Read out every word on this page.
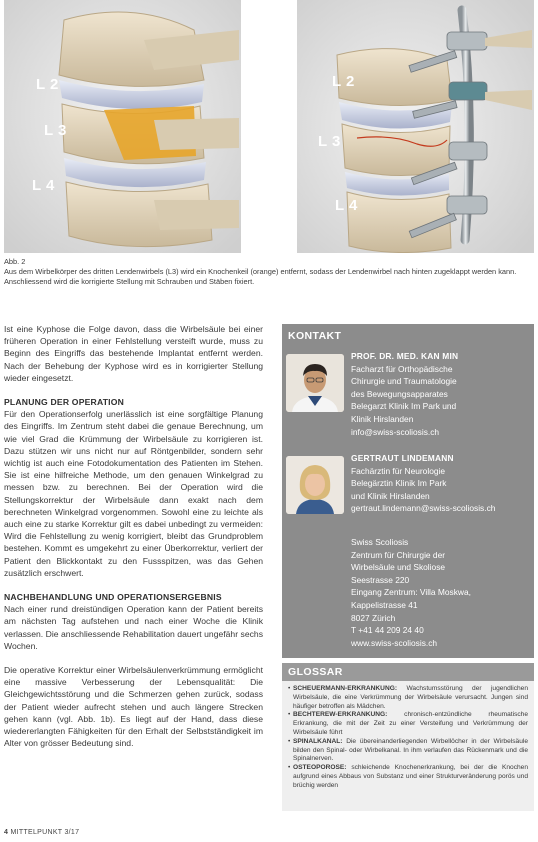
L 2
L 3
L 4
L 2
L 3
L 4
Abb. 2
Aus dem Wirbelkörper des dritten Lendenwirbels (L3) wird ein Knochenkeil (orange) entfernt, sodass der Lendenwirbel nach hinten zugeklappt werden kann. Anschliessend wird die korrigierte Stellung mit Schrauben und Stäben fixiert.

Ist eine Kyphose die Folge davon, dass die Wirbelsäule bei einer früheren Operation in einer Fehlstellung versteift wurde, muss zu Beginn des Eingriffs das bestehende Implantat entfernt werden. Nach der Behebung der Kyphose wird es in korrigierter Stellung wieder eingesetzt.

PLANUNG DER OPERATION

Für den Operationserfolg unerlässlich ist eine sorgfältige Planung des Eingriffs. Im Zentrum steht dabei die genaue Berechnung, um wie viel Grad die Krümmung der Wirbelsäule zu korrigieren ist. Dazu stützen wir uns nicht nur auf Röntgenbilder, sondern sehr wichtig ist auch eine Fotodokumentation des Patienten im Stehen. Sie ist eine hilfreiche Methode, um den genauen Winkelgrad zu messen bzw. zu berechnen. Bei der Operation wird die Stellungskorrektur der Wirbelsäule dann exakt nach dem berechneten Winkelgrad vorgenommen. Sowohl eine zu leichte als auch eine zu starke Korrektur gilt es dabei unbedingt zu vermeiden: Wird die Fehlstellung zu wenig korrigiert, bleibt das Grundproblem bestehen. Kommt es umgekehrt zu einer Überkorrektur, verliert der Patient den Blickkontakt zu den Fussspitzen, was das Gehen zusätzlich erschwert.

NACHBEHANDLUNG UND OPERATIONSERGEBNIS

Nach einer rund dreistündigen Operation kann der Patient bereits am nächsten Tag aufstehen und nach einer Woche die Klinik verlassen. Die anschliessende Rehabilitation dauert ungefähr sechs Wochen.

Die operative Korrektur einer Wirbelsäulenverkrümmung ermöglicht eine massive Verbesserung der Lebensqualität: Die Gleichgewichtsstörung und die Schmerzen gehen zurück, sodass der Patient wieder aufrecht stehen und auch längere Strecken gehen kann (vgl. Abb. 1b). Es liegt auf der Hand, dass diese wiedererlangten Fähigkeiten für den Erhalt der Selbstständigkeit im Alter von grösser Bedeutung sind.

KONTAKT
PROF. DR. MED. KAN MIN
Facharzt für Orthopädische
Chirurgie und Traumatologie
des Bewegungsapparates
Belegarzt Klinik Im Park und
Klinik Hirslanden
info@swiss-scoliosis.ch
GERTRAUT LINDEMANN
Fachärztin für Neurologie
Belegärztin Klinik Im Park
und Klinik Hirslanden
gertraut.lindemann@swiss-scoliosis.ch
Swiss Scoliosis
Zentrum für Chirurgie der
Wirbelsäule und Skoliose
Seestrasse 220
Eingang Zentrum: Villa Moskwa,
Kappelistrasse 41
8027 Zürich
T +41 44 209 24 40
www.swiss-scoliosis.ch
GLOSSAR
• SCHEUERMANN-ERKRANKUNG: Wachstumsstörung der jugendlichen Wirbelsäule, die eine Verkrümmung der Wirbelsäule verursacht. Jungen sind häufiger betroffen als Mädchen.
• BECHTEREW-ERKRANKUNG: chronisch-entzündliche rheumatische Erkrankung, die mit der Zeit zu einer Versteifung und Verkrümmung der Wirbelsäule führt
• SPINALKANAL: Die übereinanderliegenden Wirbellöcher in der Wirbelsäule bilden den Spinal- oder Wirbelkanal. In ihm verlaufen das Rückenmark und die Spinalnerven.
• OSTEOPOROSE: schleichende Knochenerkrankung, bei der die Knochen aufgrund eines Abbaus von Substanz und einer Strukturveränderung porös und brüchig werden
4 MITTELPUNKT 3/17
